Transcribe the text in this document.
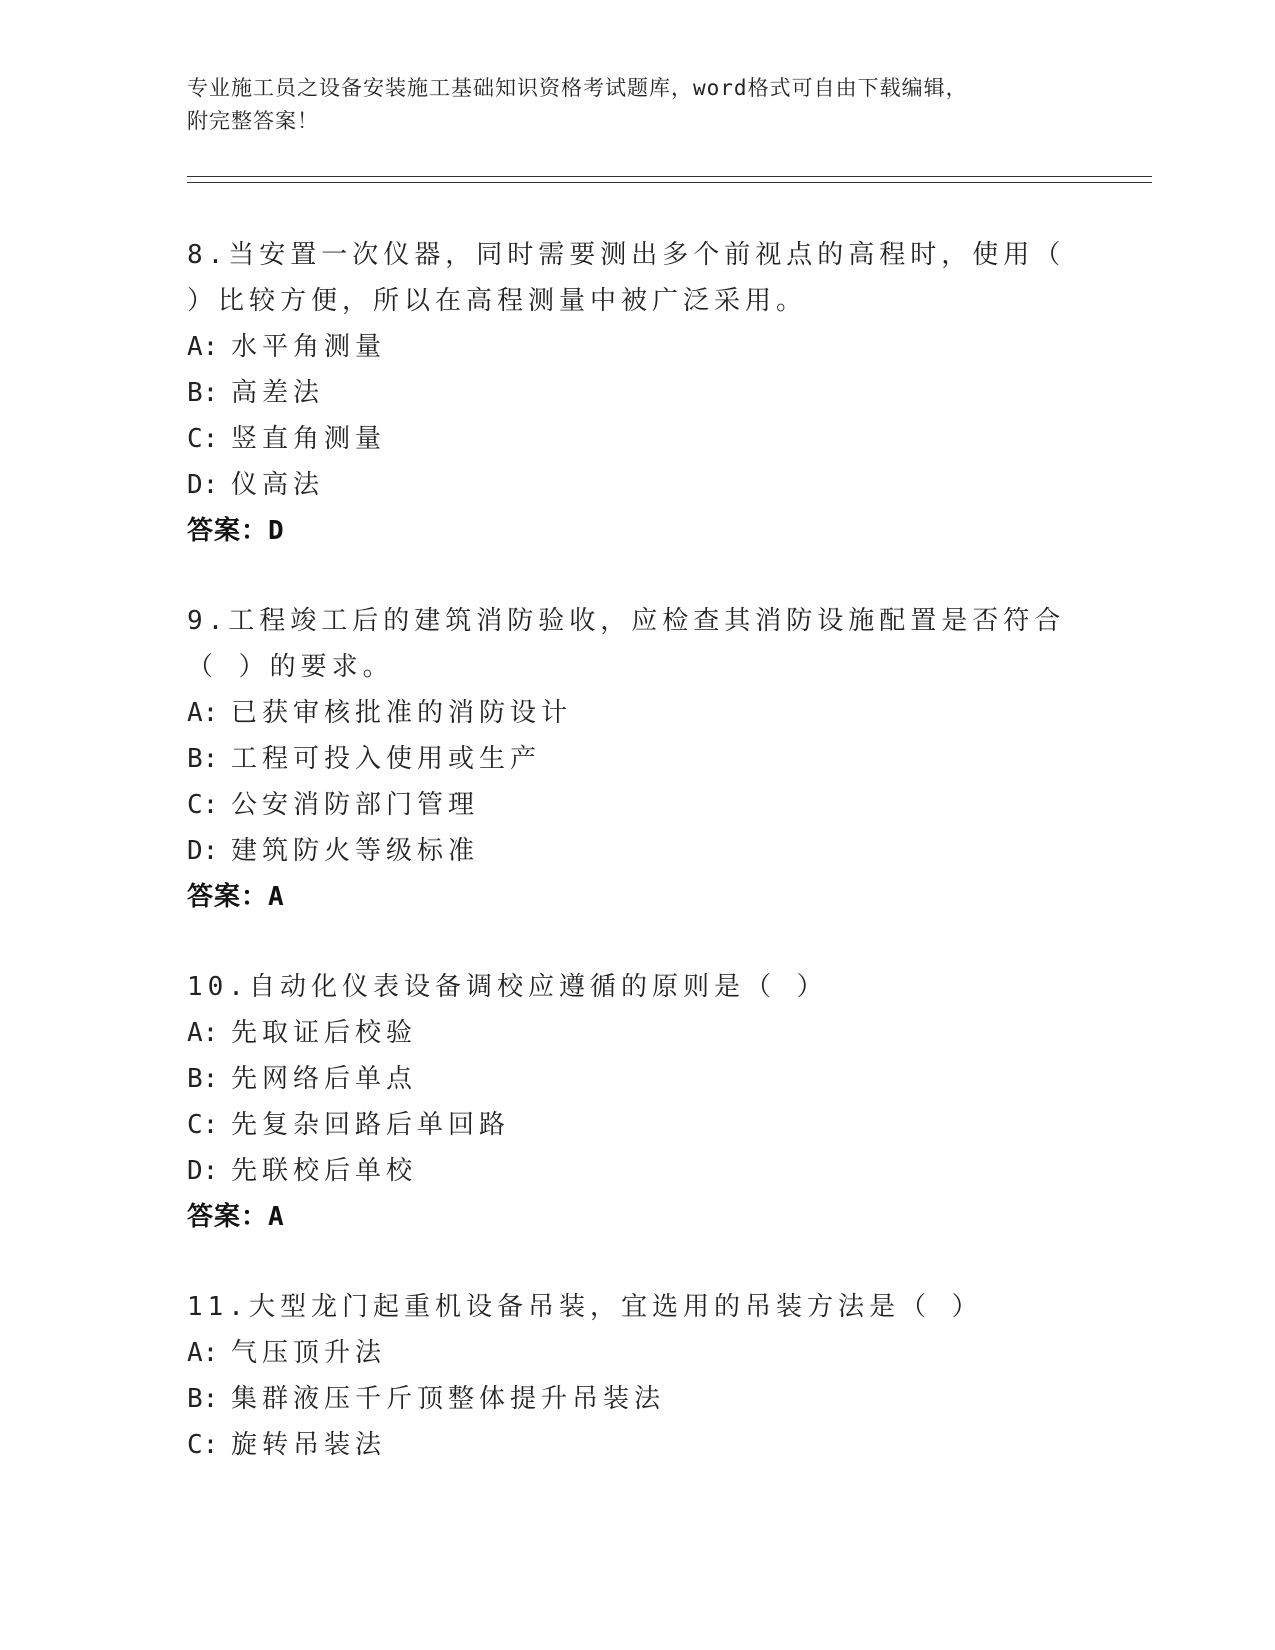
专业施工员之设备安装施工基础知识资格考试题库，word格式可自由下载编辑，
附完整答案！
8.当安置一次仪器，同时需要测出多个前视点的高程时，使用（ ）比较方便，所以在高程测量中被广泛采用。
A: 水平角测量
B: 高差法
C: 竖直角测量
D: 仪高法
答案：D
9.工程竣工后的建筑消防验收，应检查其消防设施配置是否符合（ ）的要求。
A: 已获审核批准的消防设计
B: 工程可投入使用或生产
C: 公安消防部门管理
D: 建筑防火等级标准
答案：A
10.自动化仪表设备调校应遵循的原则是（ ）
A: 先取证后校验
B: 先网络后单点
C: 先复杂回路后单回路
D: 先联校后单校
答案：A
11.大型龙门起重机设备吊装，宜选用的吊装方法是（ ）
A: 气压顶升法
B: 集群液压千斤顶整体提升吊装法
C: 旋转吊装法
